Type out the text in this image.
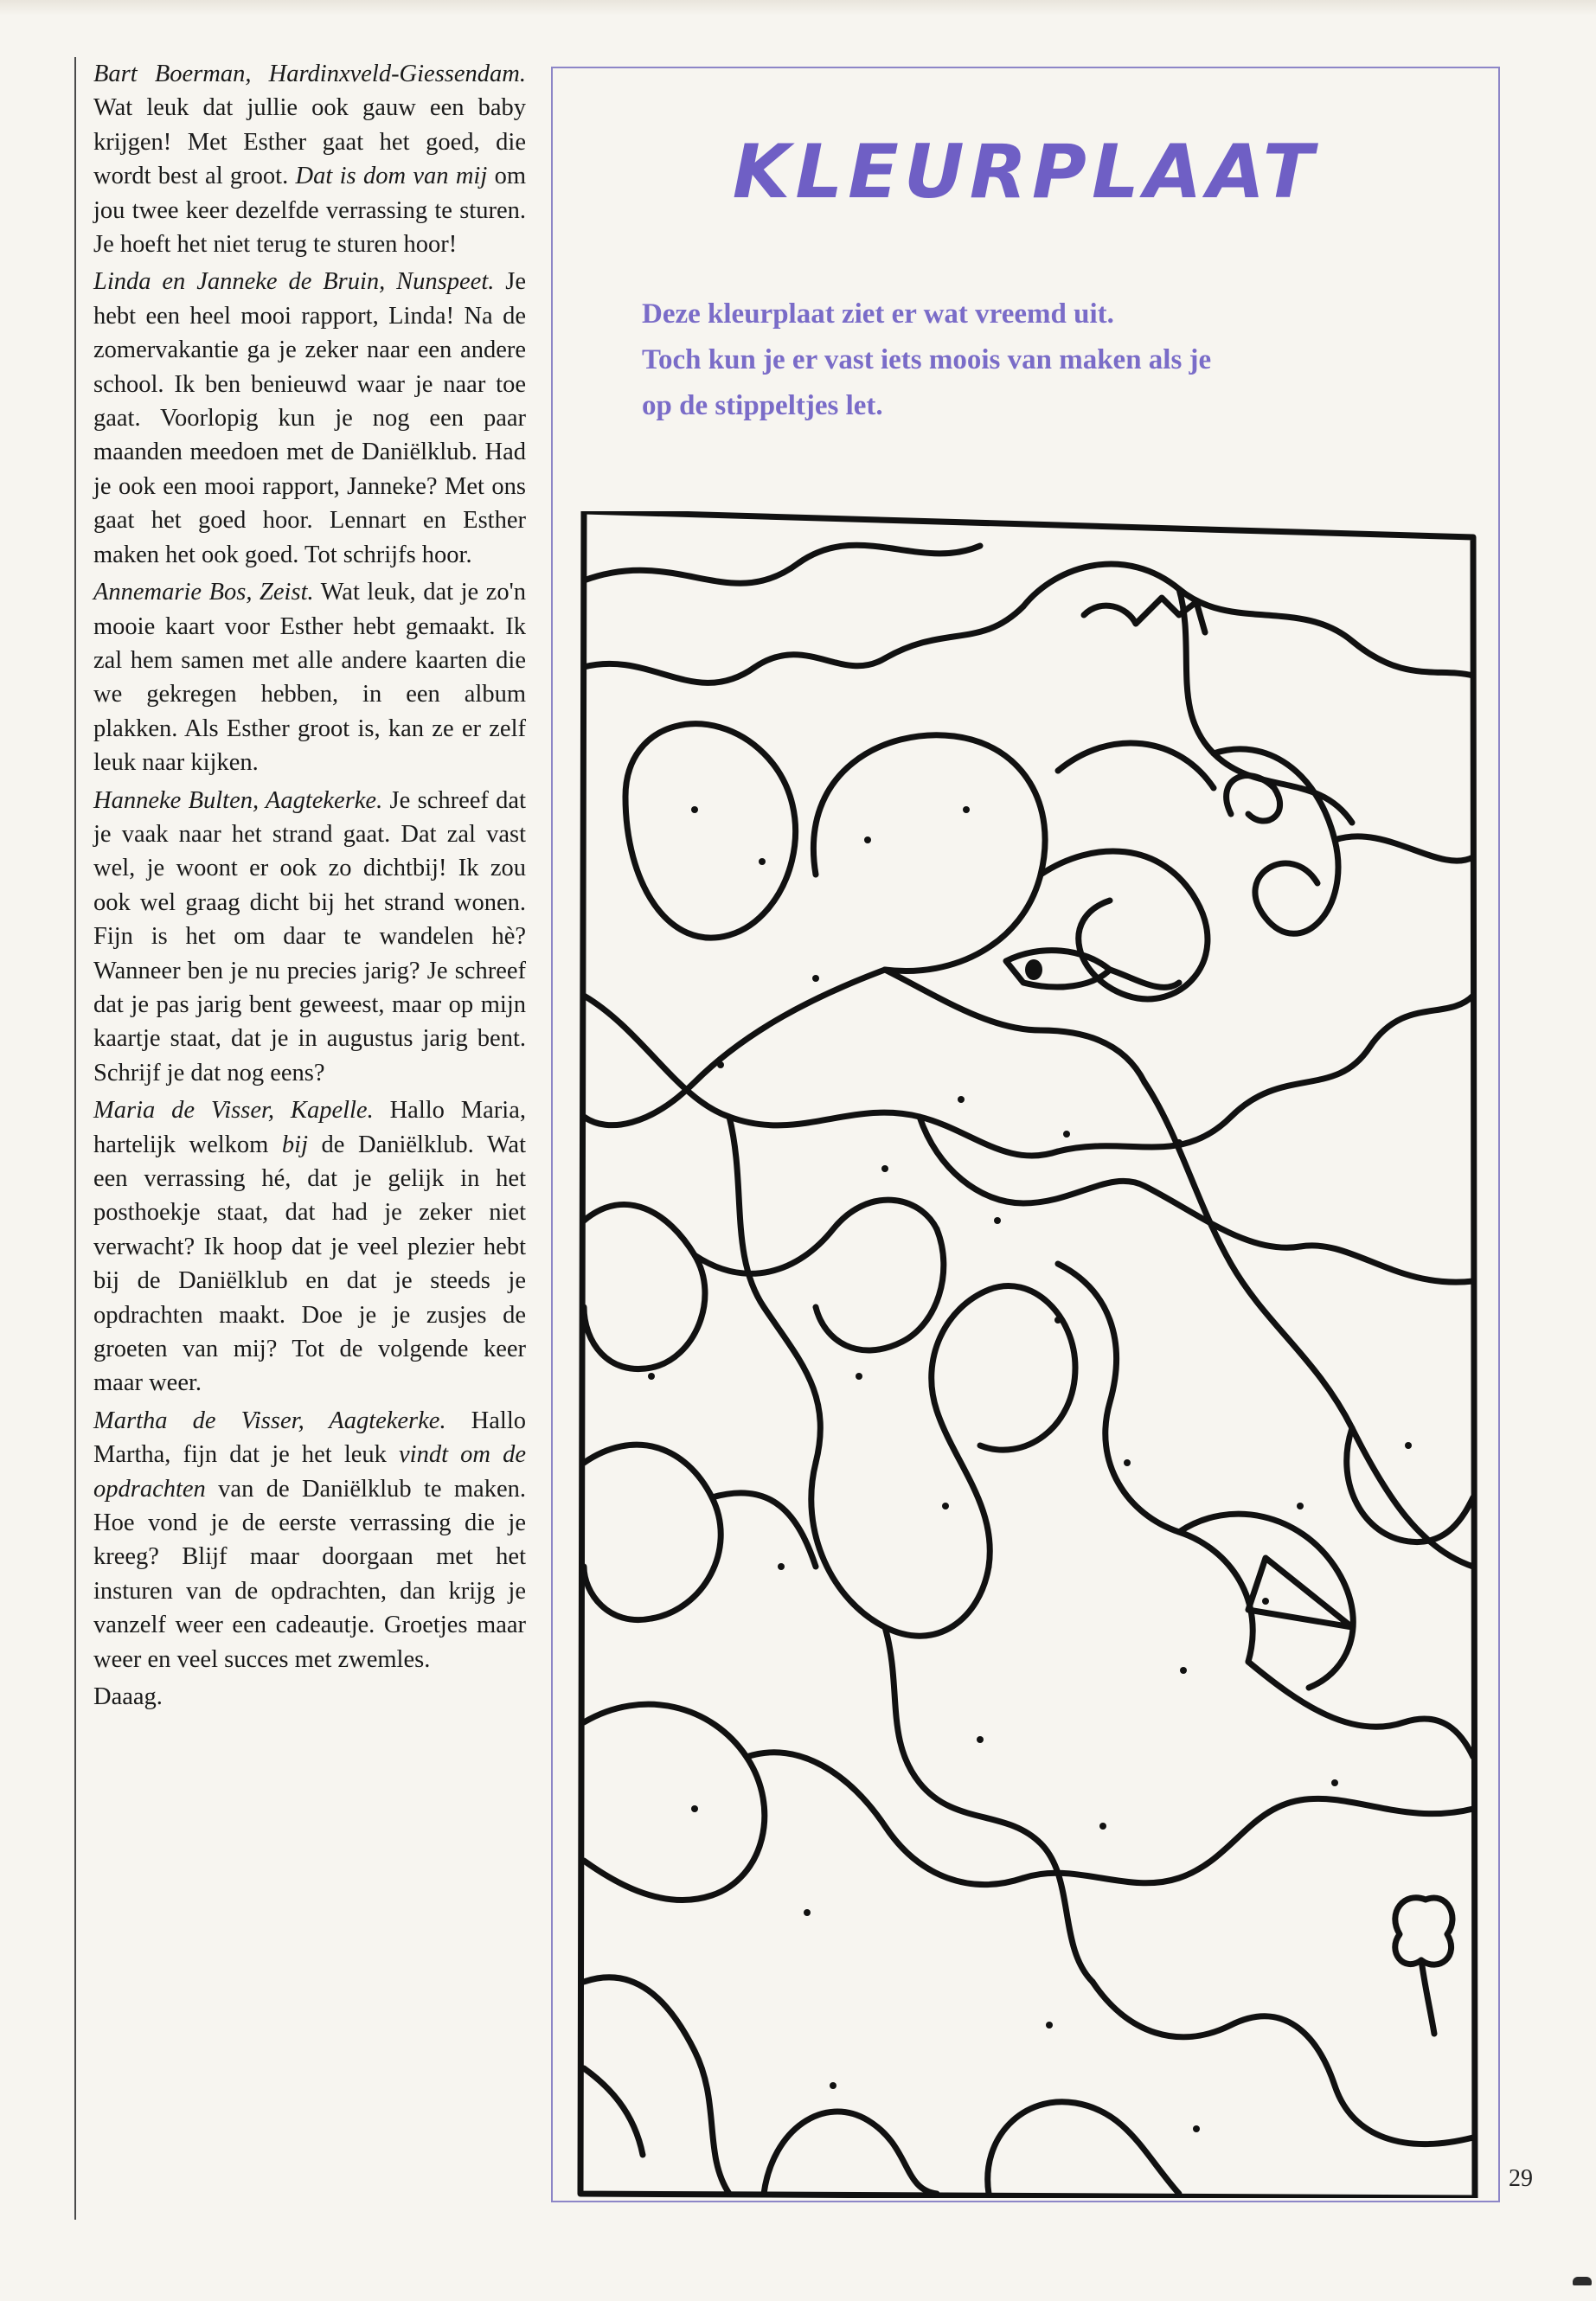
Bart Boerman, Hardinxveld-Giessendam. Wat leuk dat jullie ook gauw een baby krijgen! Met Esther gaat het goed, die wordt best al groot. Dat is dom van mij om jou twee keer dezelfde verrassing te sturen. Je hoeft het niet terug te sturen hoor!

Linda en Janneke de Bruin, Nunspeet. Je hebt een heel mooi rapport, Linda! Na de zomervakantie ga je zeker naar een andere school. Ik ben benieuwd waar je naar toe gaat. Voorlopig kun je nog een paar maanden meedoen met de Daniëlklub. Had je ook een mooi rapport, Janneke? Met ons gaat het goed hoor. Lennart en Esther maken het ook goed. Tot schrijfs hoor.

Annemarie Bos, Zeist. Wat leuk, dat je zo'n mooie kaart voor Esther hebt gemaakt. Ik zal hem samen met alle andere kaarten die we gekregen hebben, in een album plakken. Als Esther groot is, kan ze er zelf leuk naar kijken.

Hanneke Bulten, Aagtekerke. Je schreef dat je vaak naar het strand gaat. Dat zal vast wel, je woont er ook zo dichtbij! Ik zou ook wel graag dicht bij het strand wonen. Fijn is het om daar te wandelen hè? Wanneer ben je nu precies jarig? Je schreef dat je pas jarig bent geweest, maar op mijn kaartje staat, dat je in augustus jarig bent. Schrijf je dat nog eens?

Maria de Visser, Kapelle. Hallo Maria, hartelijk welkom bij de Daniëlklub. Wat een verrassing hé, dat je gelijk in het posthoekje staat, dat had je zeker niet verwacht? Ik hoop dat je veel plezier hebt bij de Daniëlklub en dat je steeds je opdrachten maakt. Doe je je zusjes de groeten van mij? Tot de volgende keer maar weer.

Martha de Visser, Aagtekerke. Hallo Martha, fijn dat je het leuk vindt om de opdrachten van de Daniëlklub te maken. Hoe vond je de eerste verrassing die je kreeg? Blijf maar doorgaan met het insturen van de opdrachten, dan krijg je vanzelf weer een cadeautje. Groetjes maar weer en veel succes met zwemles.

Daaag.

KLEURPLAAT
Deze kleurplaat ziet er wat vreemd uit.
Toch kun je er vast iets moois van maken als je
op de stippeltjes let.
29
